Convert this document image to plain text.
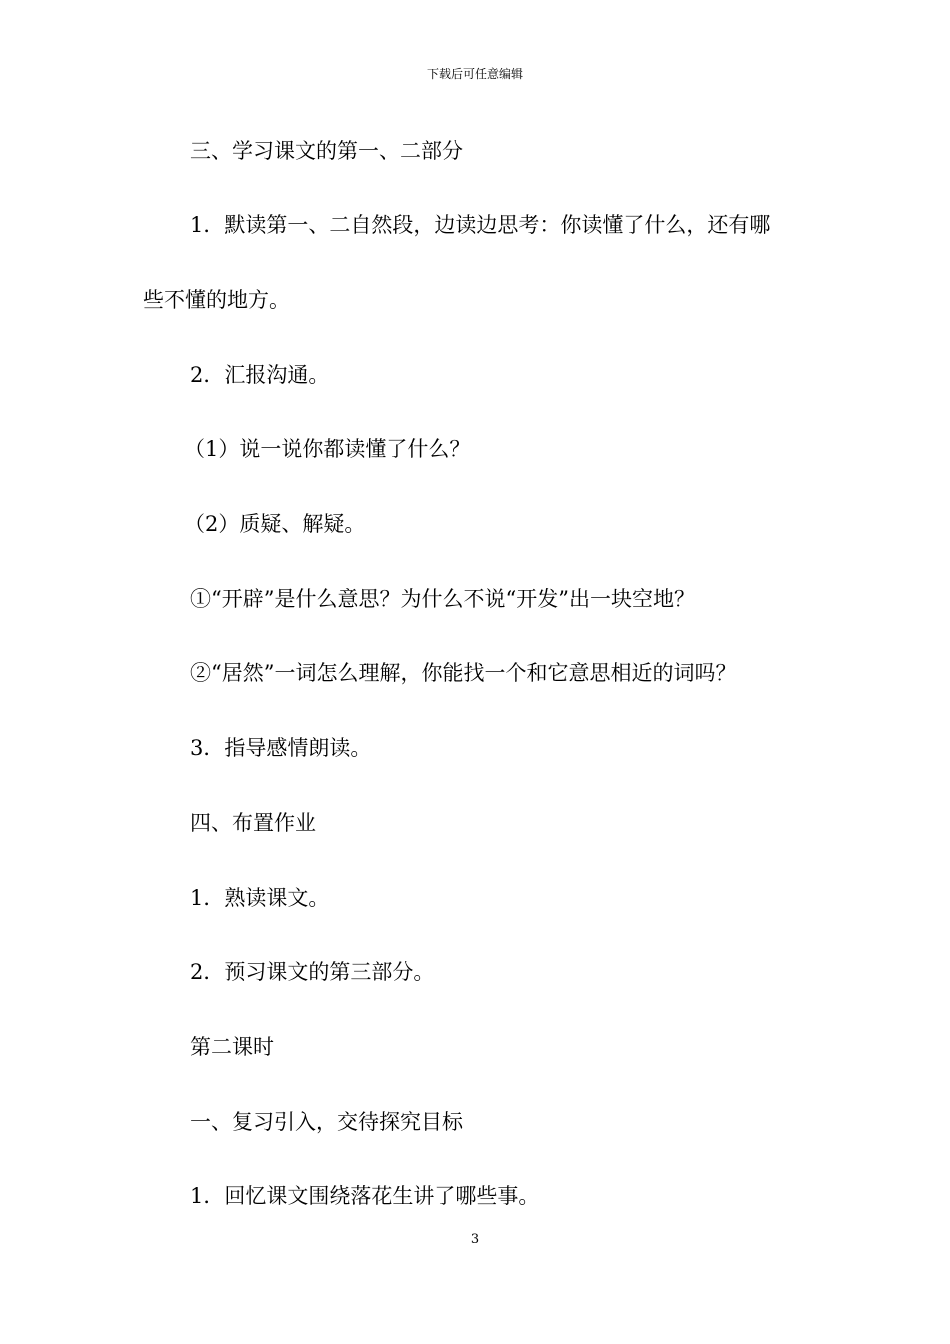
下载后可任意编辑
三、学习课文的第一、二部分
1．默读第一、二自然段，边读边思考：你读懂了什么，还有哪
些不懂的地方。
2．汇报沟通。
（1）说一说你都读懂了什么？
（2）质疑、解疑。
①“开辟”是什么意思？为什么不说“开发”出一块空地？
②“居然”一词怎么理解，你能找一个和它意思相近的词吗？
3．指导感情朗读。
四、布置作业
1．熟读课文。
2．预习课文的第三部分。
第二课时
一、复习引入，交待探究目标
1．回忆课文围绕落花生讲了哪些事。
3
